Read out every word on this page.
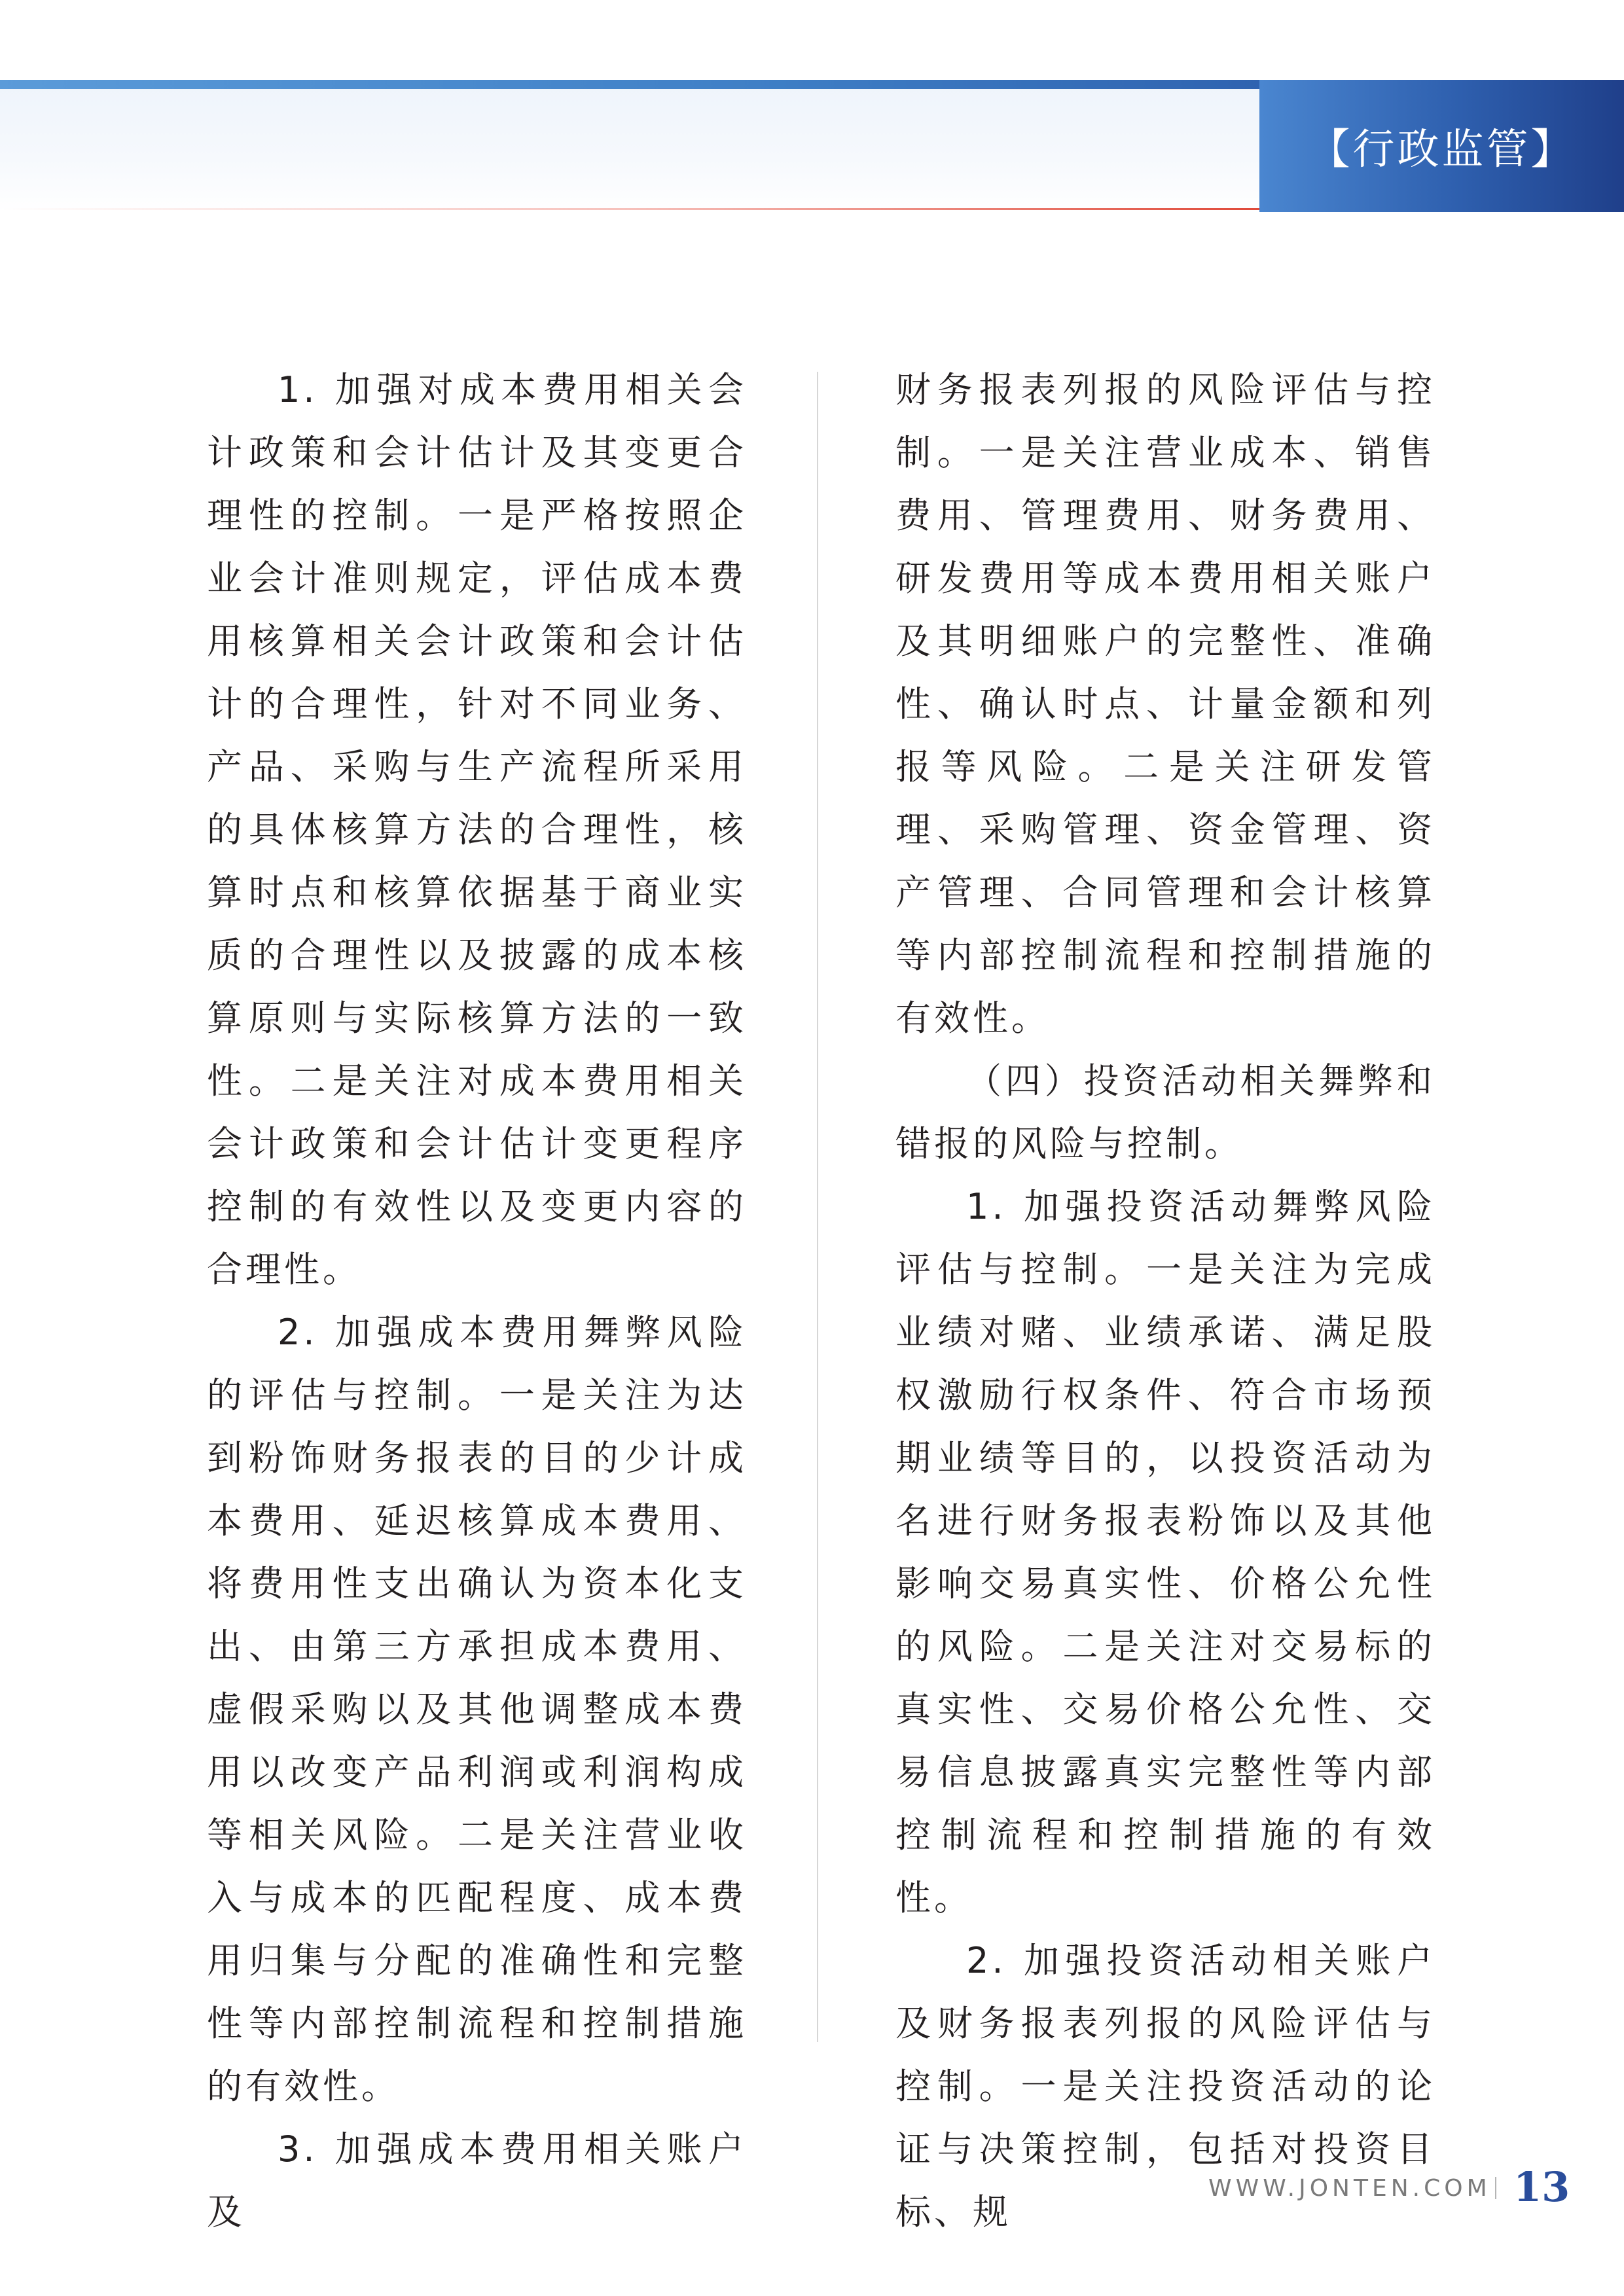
【行政监管】

1. 加强对成本费用相关会计政策和会计估计及其变更合理性的控制。一是严格按照企业会计准则规定，评估成本费用核算相关会计政策和会计估计的合理性，针对不同业务、产品、采购与生产流程所采用的具体核算方法的合理性，核算时点和核算依据基于商业实质的合理性以及披露的成本核算原则与实际核算方法的一致性。二是关注对成本费用相关会计政策和会计估计变更程序控制的有效性以及变更内容的合理性。

2. 加强成本费用舞弊风险的评估与控制。一是关注为达到粉饰财务报表的目的少计成本费用、延迟核算成本费用、将费用性支出确认为资本化支出、由第三方承担成本费用、虚假采购以及其他调整成本费用以改变产品利润或利润构成等相关风险。二是关注营业收入与成本的匹配程度、成本费用归集与分配的准确性和完整性等内部控制流程和控制措施的有效性。

3. 加强成本费用相关账户及

财务报表列报的风险评估与控制。一是关注营业成本、销售费用、管理费用、财务费用、研发费用等成本费用相关账户及其明细账户的完整性、准确性、确认时点、计量金额和列报等风险。二是关注研发管理、采购管理、资金管理、资产管理、合同管理和会计核算等内部控制流程和控制措施的有效性。

（四）投资活动相关舞弊和错报的风险与控制。

1. 加强投资活动舞弊风险评估与控制。一是关注为完成业绩对赌、业绩承诺、满足股权激励行权条件、符合市场预期业绩等目的，以投资活动为名进行财务报表粉饰以及其他影响交易真实性、价格公允性的风险。二是关注对交易标的真实性、交易价格公允性、交易信息披露真实完整性等内部控制流程和控制措施的有效性。

2. 加强投资活动相关账户及财务报表列报的风险评估与控制。一是关注投资活动的论证与决策控制，包括对投资目标、规

WWW.JONTEN.COM 13
